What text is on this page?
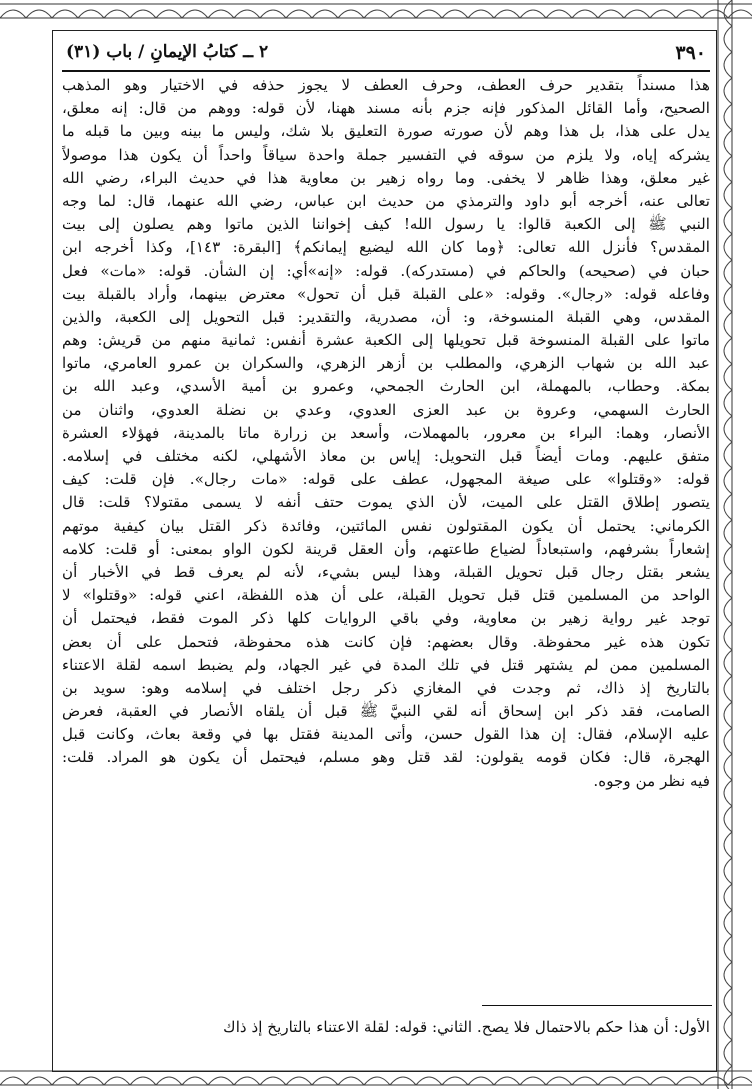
٣٩٠
٢ ــ كتابُ الإيمانِ / باب (٣١)
هذا مسنداً بتقدير حرف العطف، وحرف العطف لا يجوز حذفه في الاختيار وهو المذهب
الصحيح، وأما القائل المذكور فإنه جزم بأنه مسند ههنا، لأن قوله: ووهم من قال: إنه معلق،
يدل على هذا، بل هذا وهم لأن صورته صورة التعليق بلا شك، وليس ما بينه وبين ما قبله ما
يشركه إياه، ولا يلزم من سوقه في التفسير جملة واحدة سياقاً واحداً أن يكون هذا موصولاً
غير معلق، وهذا ظاهر لا يخفى. وما رواه زهير بن معاوية هذا في حديث البراء، رضي الله
تعالى عنه، أخرجه أبو داود والترمذي من حديث ابن عباس، رضي الله عنهما، قال: لما وجه
النبي ﷺ إلى الكعبة قالوا: يا رسول الله! كيف إخواننا الذين ماتوا وهم يصلون إلى بيت
المقدس؟ فأنزل الله تعالى: ﴿وما كان الله ليضيع إيمانكم﴾ [البقرة: ١٤٣]، وكذا أخرجه ابن
حبان في (صحيحه) والحاكم في (مستدركه). قوله: «إنه»أي: إن الشأن. قوله: «مات» فعل
وفاعله قوله: «رجال». وقوله: «على القبلة قبل أن تحول» معترض بينهما، وأراد بالقبلة بيت
المقدس، وهي القبلة المنسوخة، و: أن، مصدرية، والتقدير: قبل التحويل إلى الكعبة، والذين
ماتوا على القبلة المنسوخة قبل تحويلها إلى الكعبة عشرة أنفس: ثمانية منهم من قريش: وهم
عبد الله بن شهاب الزهري، والمطلب بن أزهر الزهري، والسكران بن عمرو العامري، ماتوا
بمكة. وحطاب، بالمهملة، ابن الحارث الجمحي، وعمرو بن أمية الأسدي، وعبد الله بن
الحارث السهمي، وعروة بن عبد العزى العدوي، وعدي بن نضلة العدوي، واثنان من
الأنصار، وهما: البراء بن معرور، بالمهملات، وأسعد بن زرارة ماتا بالمدينة، فهؤلاء العشرة
متفق عليهم. ومات أيضاً قبل التحويل: إياس بن معاذ الأشهلي، لكنه مختلف في إسلامه.
قوله: «وقتلوا» على صيغة المجهول، عطف على قوله: «مات رجال». فإن قلت: كيف
يتصور إطلاق القتل على الميت، لأن الذي يموت حتف أنفه لا يسمى مقتولا؟ قلت: قال
الكرماني: يحتمل أن يكون المقتولون نفس المائتين، وفائدة ذكر القتل بيان كيفية موتهم
إشعاراً بشرفهم، واستبعاداً لضياع طاعتهم، وأن العقل قرينة لكون الواو بمعنى: أو قلت: كلامه
يشعر بقتل رجال قبل تحويل القبلة، وهذا ليس بشيء، لأنه لم يعرف قط في الأخبار أن
الواحد من المسلمين قتل قبل تحويل القبلة، على أن هذه اللفظة، اعني قوله: «وقتلوا» لا
توجد غير رواية زهير بن معاوية، وفي باقي الروايات كلها ذكر الموت فقط، فيحتمل أن
تكون هذه غير محفوظة. وقال بعضهم: فإن كانت هذه محفوظة، فتحمل على أن بعض
المسلمين ممن لم يشتهر قتل في تلك المدة في غير الجهاد، ولم يضبط اسمه لقلة الاعتناء
بالتاريخ إذ ذاك، ثم وجدت في المغازي ذكر رجل اختلف في إسلامه وهو: سويد بن
الصامت، فقد ذكر ابن إسحاق أنه لقي النبيَّ ﷺ قبل أن يلقاه الأنصار في العقبة، فعرض
عليه الإسلام، فقال: إن هذا القول حسن، وأتى المدينة فقتل بها في وقعة بعاث، وكانت قبل
الهجرة، قال: فكان قومه يقولون: لقد قتل وهو مسلم، فيحتمل أن يكون هو المراد. قلت:
فيه نظر من وجوه.
الأول: أن هذا حكم بالاحتمال فلا يصح. الثاني: قوله: لقلة الاعتناء بالتاريخ إذ ذاك
